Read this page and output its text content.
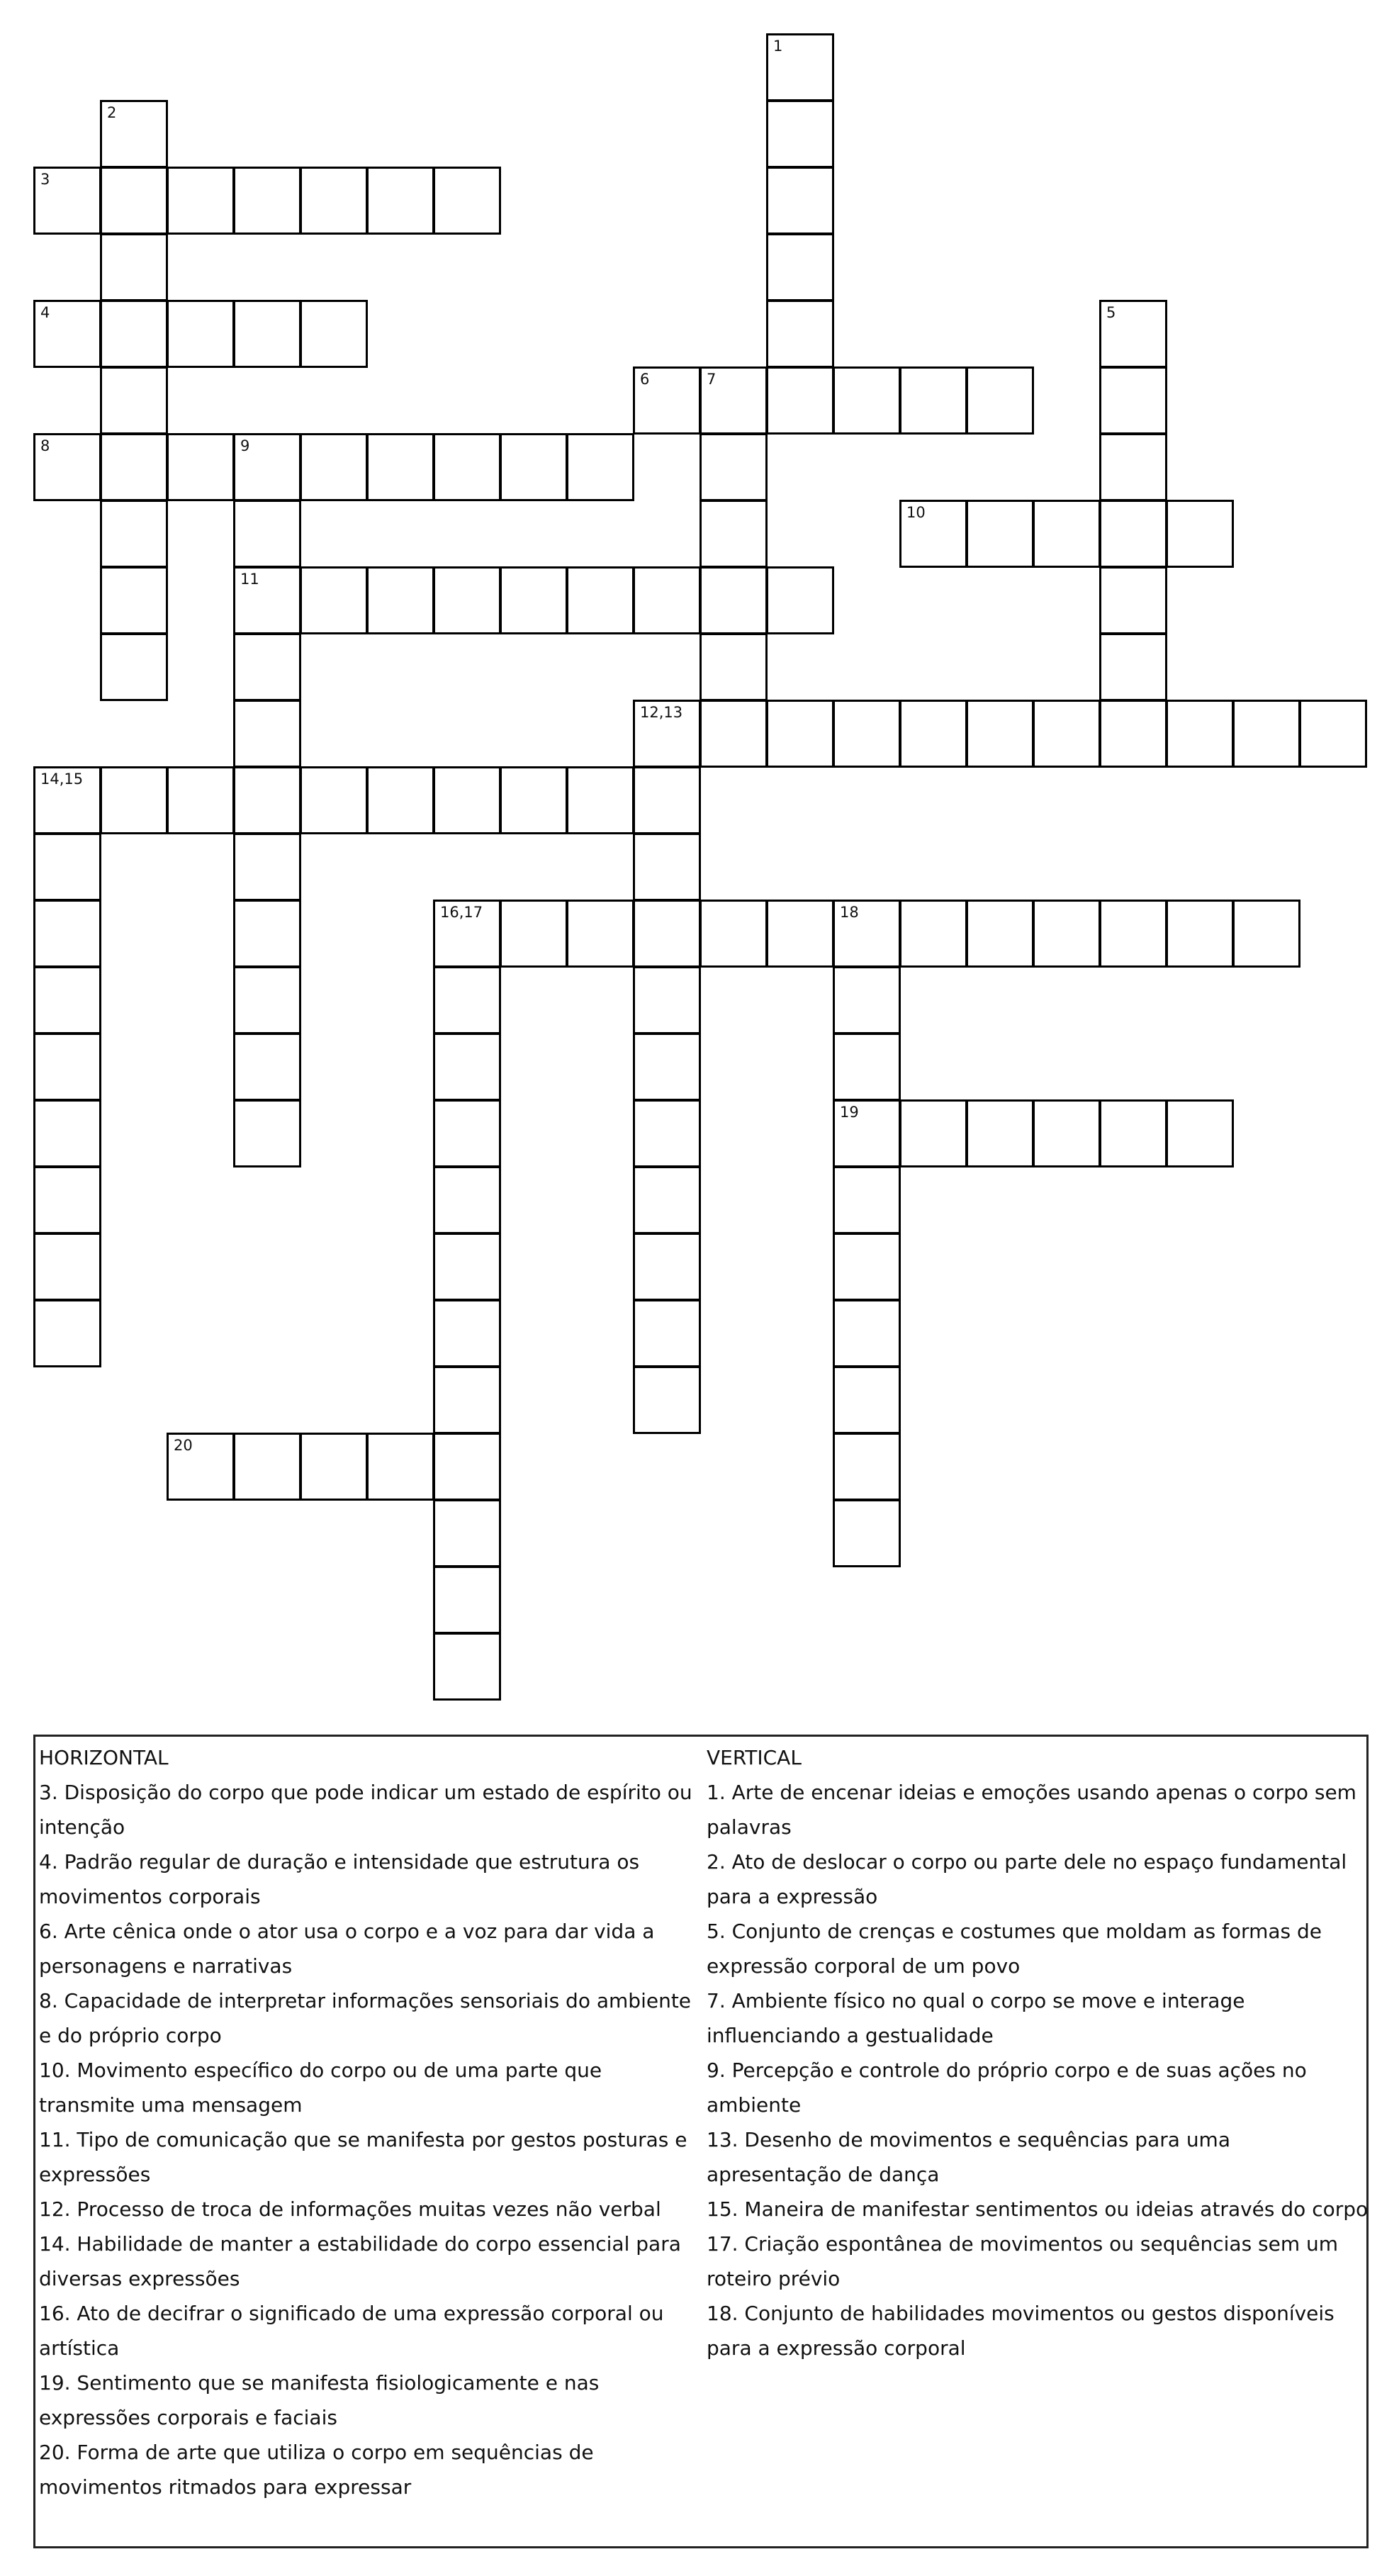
1
2
3
4	5
6	7
8	9
10
11
12,13
14,15
16,17	18
19
20
HORIZONTAL

3. Disposição do corpo que pode indicar um estado de espírito ou intenção

4. Padrão regular de duração e intensidade que estrutura os movimentos corporais

6. Arte cênica onde o ator usa o corpo e a voz para dar vida a personagens e narrativas

8. Capacidade de interpretar informações sensoriais do ambiente e do próprio corpo

10. Movimento específico do corpo ou de uma parte que transmite uma mensagem

11. Tipo de comunicação que se manifesta por gestos posturas e expressões

12. Processo de troca de informações muitas vezes não verbal

14. Habilidade de manter a estabilidade do corpo essencial para diversas expressões

16. Ato de decifrar o significado de uma expressão corporal ou artística

19. Sentimento que se manifesta fisiologicamente e nas expressões corporais e faciais

20. Forma de arte que utiliza o corpo em sequências de movimentos ritmados para expressar

VERTICAL

1. Arte de encenar ideias e emoções usando apenas o corpo sem palavras

2. Ato de deslocar o corpo ou parte dele no espaço fundamental para a expressão

5. Conjunto de crenças e costumes que moldam as formas de expressão corporal de um povo

7. Ambiente físico no qual o corpo se move e interage influenciando a gestualidade

9. Percepção e controle do próprio corpo e de suas ações no ambiente

13. Desenho de movimentos e sequências para uma apresentação de dança

15. Maneira de manifestar sentimentos ou ideias através do corpo

17. Criação espontânea de movimentos ou sequências sem um roteiro prévio

18. Conjunto de habilidades movimentos ou gestos disponíveis para a expressão corporal
